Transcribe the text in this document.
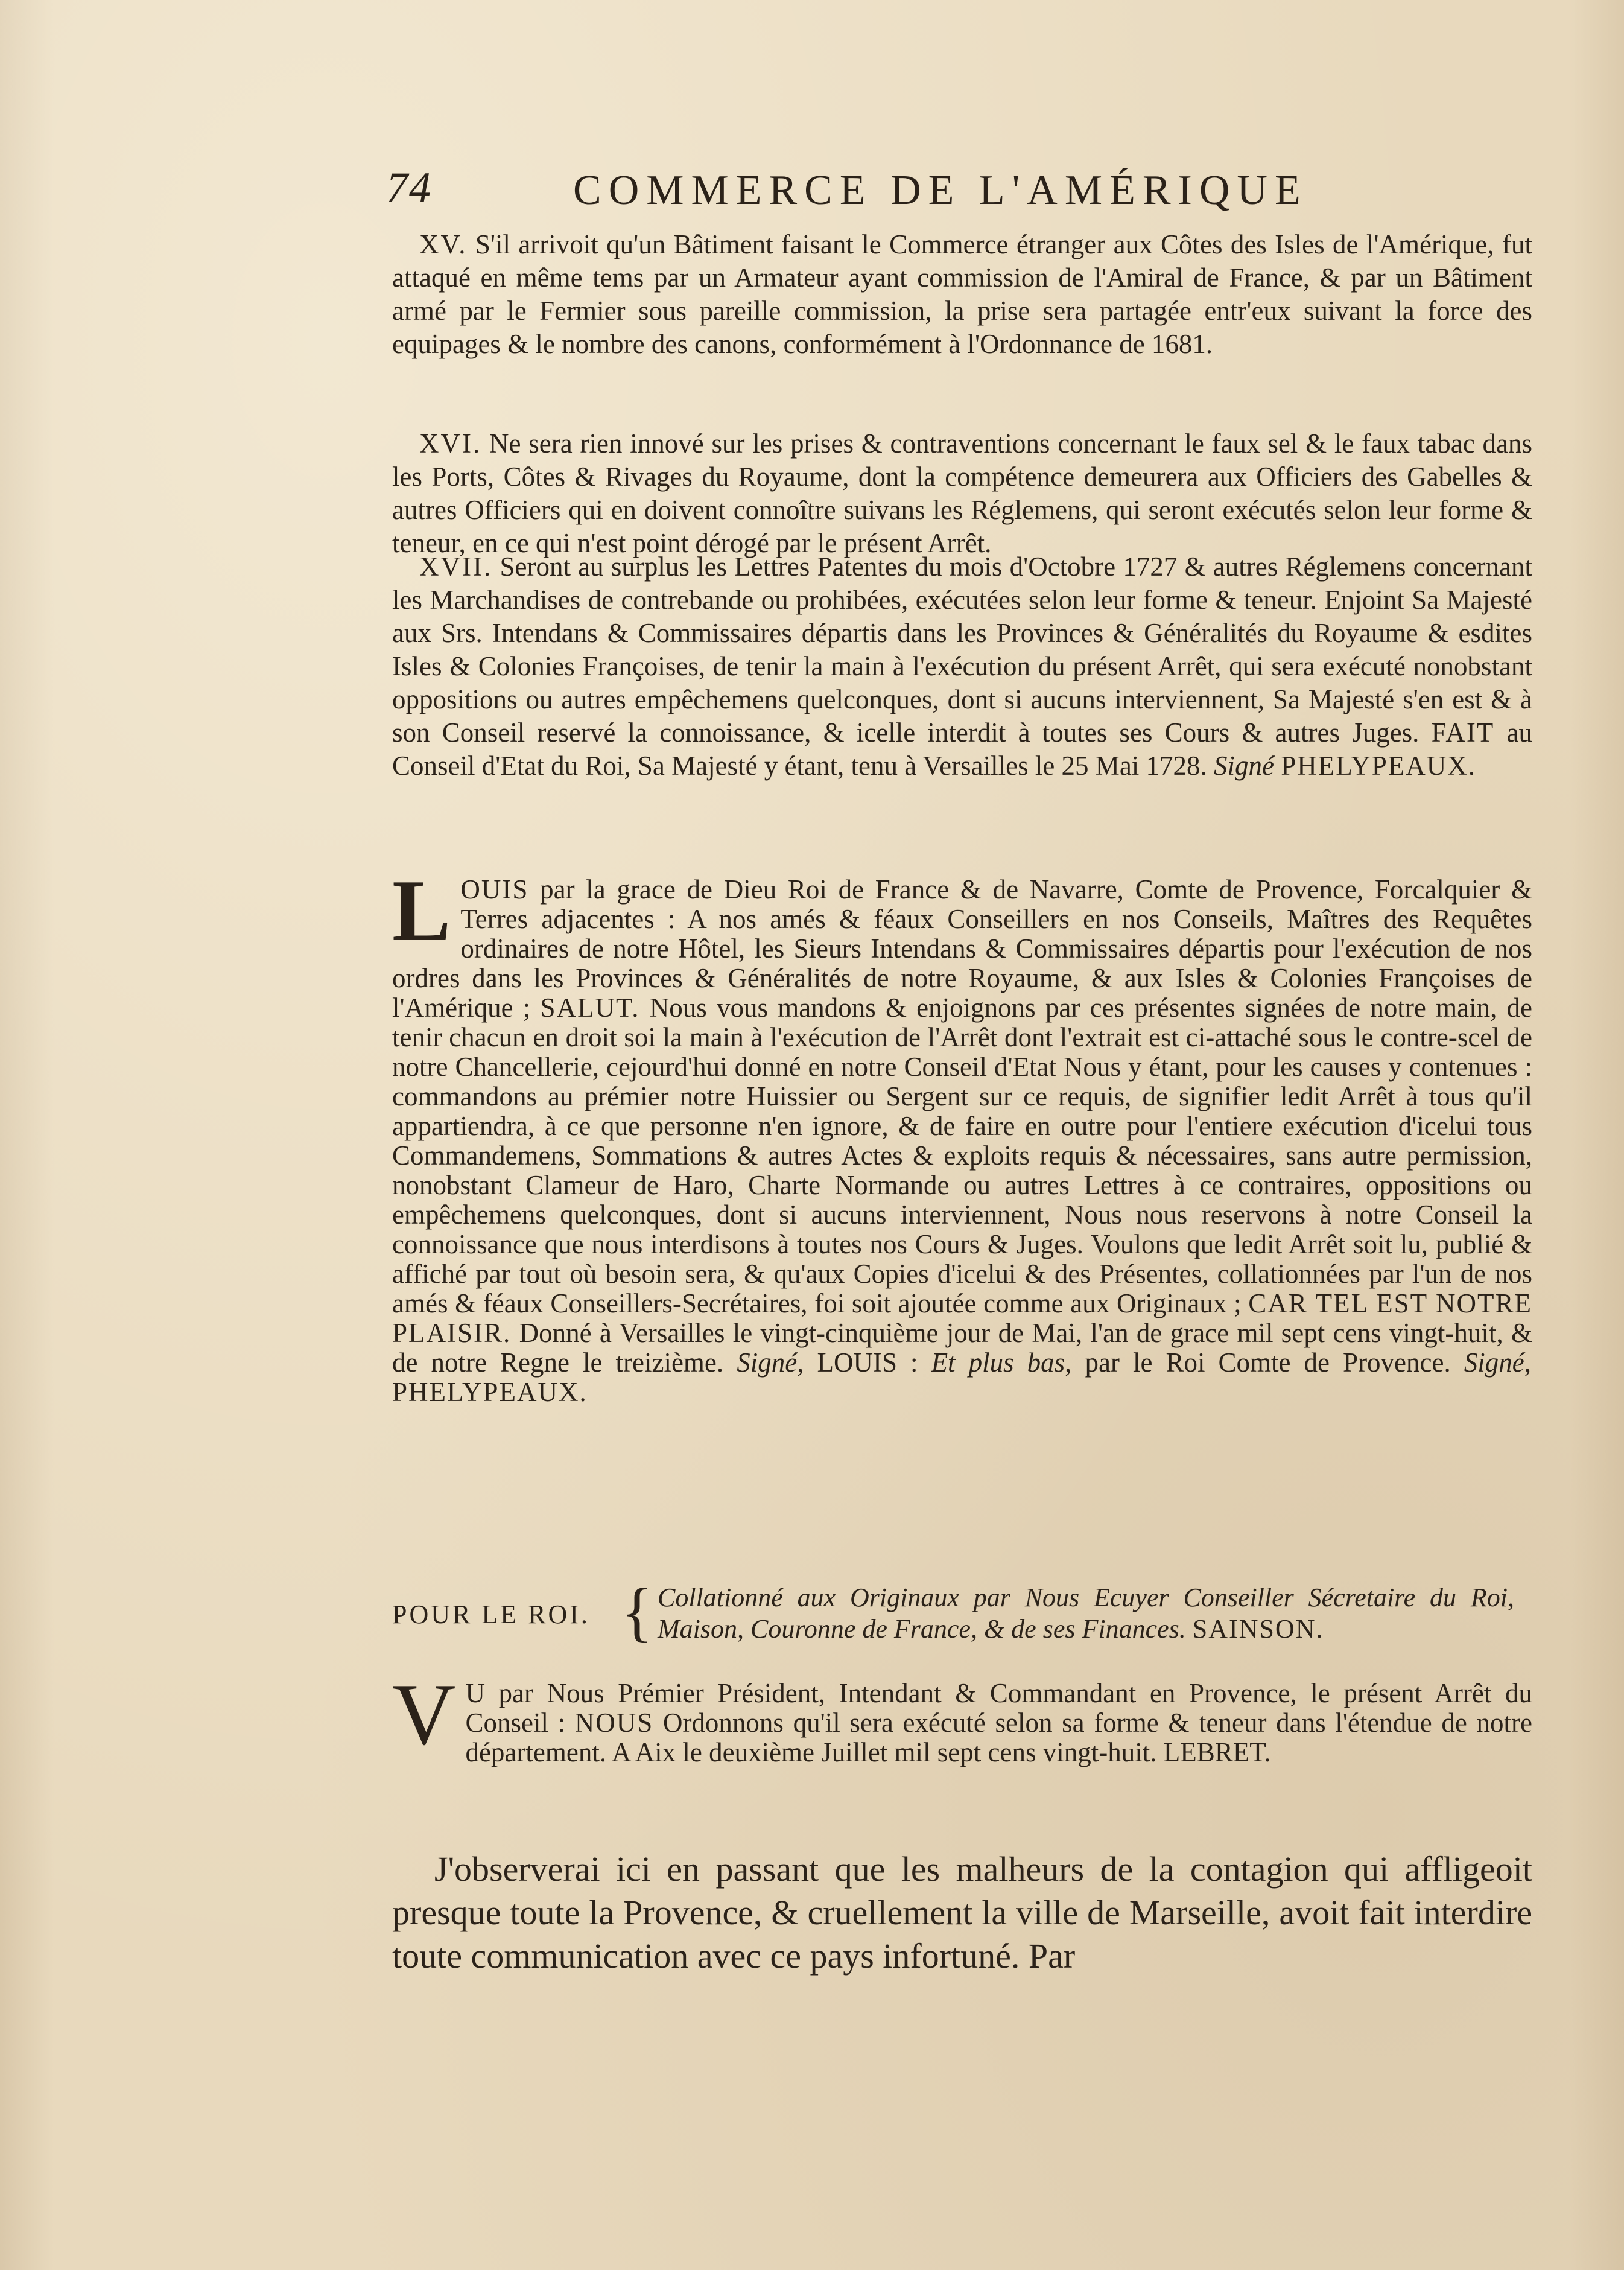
74	COMMERCE DE L'AMÉRIQUE

XV. S'il arrivoit qu'un Bâtiment faisant le Commerce étranger aux Côtes des Isles de l'Amérique, fut attaqué en même tems par un Armateur ayant commission de l'Amiral de France, & par un Bâtiment armé par le Fermier sous pareille commission, la prise sera partagée entr'eux suivant la force des equipages & le nombre des canons, conformément à l'Ordonnance de 1681.

XVI. Ne sera rien innové sur les prises & contraventions concernant le faux sel & le faux tabac dans les Ports, Côtes & Rivages du Royaume, dont la compétence demeurera aux Officiers des Gabelles & autres Officiers qui en doivent connoître suivans les Réglemens, qui seront exécutés selon leur forme & teneur, en ce qui n'est point dérogé par le présent Arrêt.

XVII. Seront au surplus les Lettres Patentes du mois d'Octobre 1727 & autres Réglemens concernant les Marchandises de contrebande ou prohibées, exécutées selon leur forme & teneur. Enjoint Sa Majesté aux Srs. Intendans & Commissaires départis dans les Provinces & Généralités du Royaume & esdites Isles & Colonies Françoises, de tenir la main à l'exécution du présent Arrêt, qui sera exécuté nonobstant oppositions ou autres empêchemens quelconques, dont si aucuns interviennent, Sa Majesté s'en est & à son Conseil reservé la connoissance, & icelle interdit à toutes ses Cours & autres Juges. FAIT au Conseil d'Etat du Roi, Sa Majesté y étant, tenu à Versailles le 25 Mai 1728. Signé PHELYPEAUX.

L OUIS par la grace de Dieu Roi de France & de Navarre, Comte de Provence, Forcalquier & Terres adjacentes : A nos amés & féaux Conseillers en nos Conseils, Maîtres des Requêtes ordinaires de notre Hôtel, les Sieurs Intendans & Commissaires départis pour l'exécution de nos ordres dans les Provinces & Généralités de notre Royaume, & aux Isles & Colonies Françoises de l'Amérique ; SALUT. Nous vous mandons & enjoignons par ces présentes signées de notre main, de tenir chacun en droit soi la main à l'exécution de l'Arrêt dont l'extrait est ci-attaché sous le contre-scel de notre Chancellerie, cejourd'hui donné en notre Conseil d'Etat Nous y étant, pour les causes y contenues : commandons au prémier notre Huissier ou Sergent sur ce requis, de signifier ledit Arrêt à tous qu'il appartiendra, à ce que personne n'en ignore, & de faire en outre pour l'entiere exécution d'icelui tous Commandemens, Sommations & autres Actes & exploits requis & nécessaires, sans autre permission, nonobstant Clameur de Haro, Charte Normande ou autres Lettres à ce contraires, oppositions ou empêchemens quelconques, dont si aucuns interviennent, Nous nous reservons à notre Conseil la connoissance que nous interdisons à toutes nos Cours & Juges. Voulons que ledit Arrêt soit lu, publié & affiché par tout où besoin sera, & qu'aux Copies d'icelui & des Présentes, collationnées par l'un de nos amés & féaux Conseillers-Secrétaires, foi soit ajoutée comme aux Originaux ; CAR TEL EST NOTRE PLAISIR. Donné à Versailles le vingt-cinquième jour de Mai, l'an de grace mil sept cens vingt-huit, & de notre Regne le treizième. Signé, LOUIS : Et plus bas, par le Roi Comte de Provence. Signé, PHELYPEAUX.
POUR LE ROI. { Collationné aux Originaux par Nous Ecuyer Conseiller Sécretaire du Roi, Maison, Couronne de France, & de ses Finances. SAINSON.
V U par Nous Prémier Président, Intendant & Commandant en Provence, le présent Arrêt du Conseil : NOUS Ordonnons qu'il sera exécuté selon sa forme & teneur dans l'étendue de notre département. A Aix le deuxième Juillet mil sept cens vingt-huit. LEBRET.

J'observerai ici en passant que les malheurs de la contagion qui affligeoit presque toute la Provence, & cruellement la ville de Marseille, avoit fait interdire toute communication avec ce pays infortuné. Par
